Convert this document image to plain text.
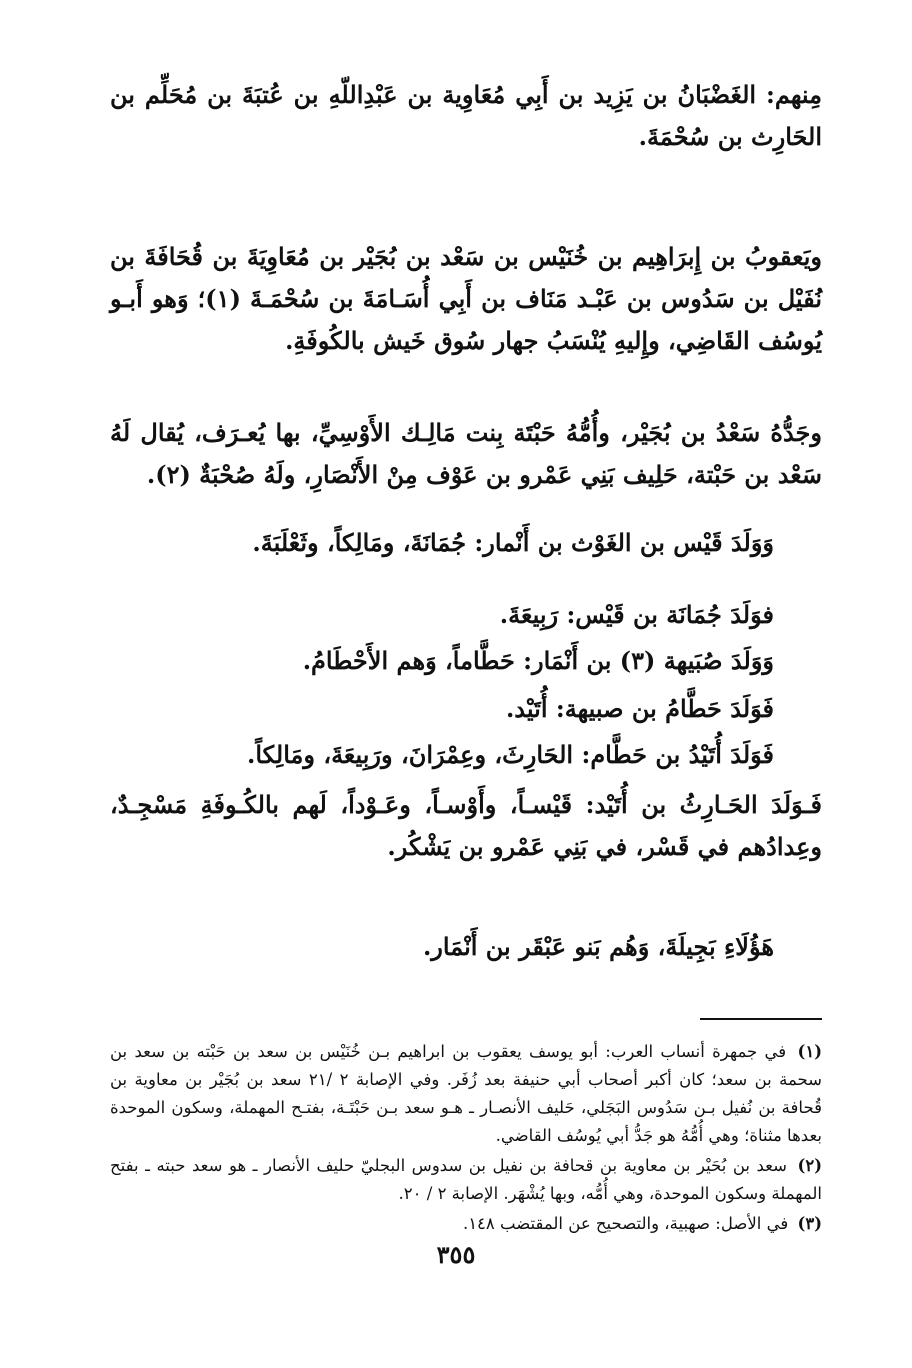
مِنهم: الغَضْبَانُ بن يَزِيد بن أَبِي مُعَاوِية بن عَبْدِاللّهِ بن عُتبَةَ بن مُحَلِّم بن الحَارِث بن سُحْمَةَ.

ويَعقوبُ بن إِبرَاهِيم بن خُنَيْس بن سَعْد بن بُجَيْر بن مُعَاوِيَةَ بن قُحَافَةَ بن نُفَيْل بن سَدُوس بن عَبْـد مَنَاف بن أَبِي أُسَـامَةَ بن سُحْمَـةَ (١)؛ وَهو أَبـو يُوسُف القَاضِي، وإِليهِ يُنْسَبُ جهار سُوق خَيش بالكُوفَةِ.

وجَدُّهُ سَعْدُ بن بُجَيْر، وأُمُّهُ حَبْتَة بِنت مَالِـك الأَوْسِيِّ، بها يُعـرَف، يُقال لَهُ سَعْد بن حَبْتة، حَلِيف بَنِي عَمْرو بن عَوْف مِنْ الأَنْصَارِ، ولَهُ صُحْبَةٌ (٢).

وَوَلَدَ قَيْس بن الغَوْث بن أَنْمار: جُمَانَةَ، ومَالِكاً، وثَعْلَبَةَ.
فوَلَدَ جُمَانَة بن قَيْس: رَبِيعَةَ.
وَوَلَدَ صُبَيهة (٣) بن أَنْمَار: حَطَّاماً، وَهم الأَحْطَامُ.
فَوَلَدَ حَطَّامُ بن صبيهة: أُتَيْد.
فَوَلَدَ أُتَيْدُ بن حَطَّام: الحَارِثَ، وعِمْرَانَ، ورَبِيعَةَ، ومَالِكاً.

فَـوَلَدَ الحَـارِثُ بن أُتَيْد: قَيْسـاً، وأَوْسـاً، وعَـوْداً، لَهم بالكُـوفَةِ مَسْجِـدٌ، وعِدادُهم في قَسْر، في بَنِي عَمْرو بن يَشْكُر.

هَؤُلَاءِ بَجِيلَةَ، وَهُم بَنو عَبْقَر بن أَنْمَار.

(١) في جمهرة أنساب العرب: أبو يوسف يعقوب بن ابراهيم بـن خُنَيْس بن سعد بن حَبْته بن سعد بن سحمة بن سعد؛ كان أكبر أصحاب أبي حنيفة بعد زُفَر. وفي الإصابة ٢ /٢١ سعد بن بُجَيْر بن معاوية بن قُحافة بن نُفيل بـن سَدُوس البَجَلي، حَليف الأنصـار ـ هـو سعد بـن حَبْتَـة، بفتـح المهملة، وسكون الموحدة بعدها مثناة؛ وهي أُمُّهُ هو جَدُّ أبي يُوسُف القاضي.

(٢) سعد بن بُحَيْر بن معاوية بن قحافة بن نفيل بن سدوس البجليّ حليف الأنصار ـ هو سعد حبته ـ بفتح المهملة وسكون الموحدة، وهي أُمُّه، وبها يُشْهَر. الإصابة ٢ / ٢٠.

(٣) في الأصل: صهبية، والتصحيح عن المقتضب ١٤٨.

٣٥٥
